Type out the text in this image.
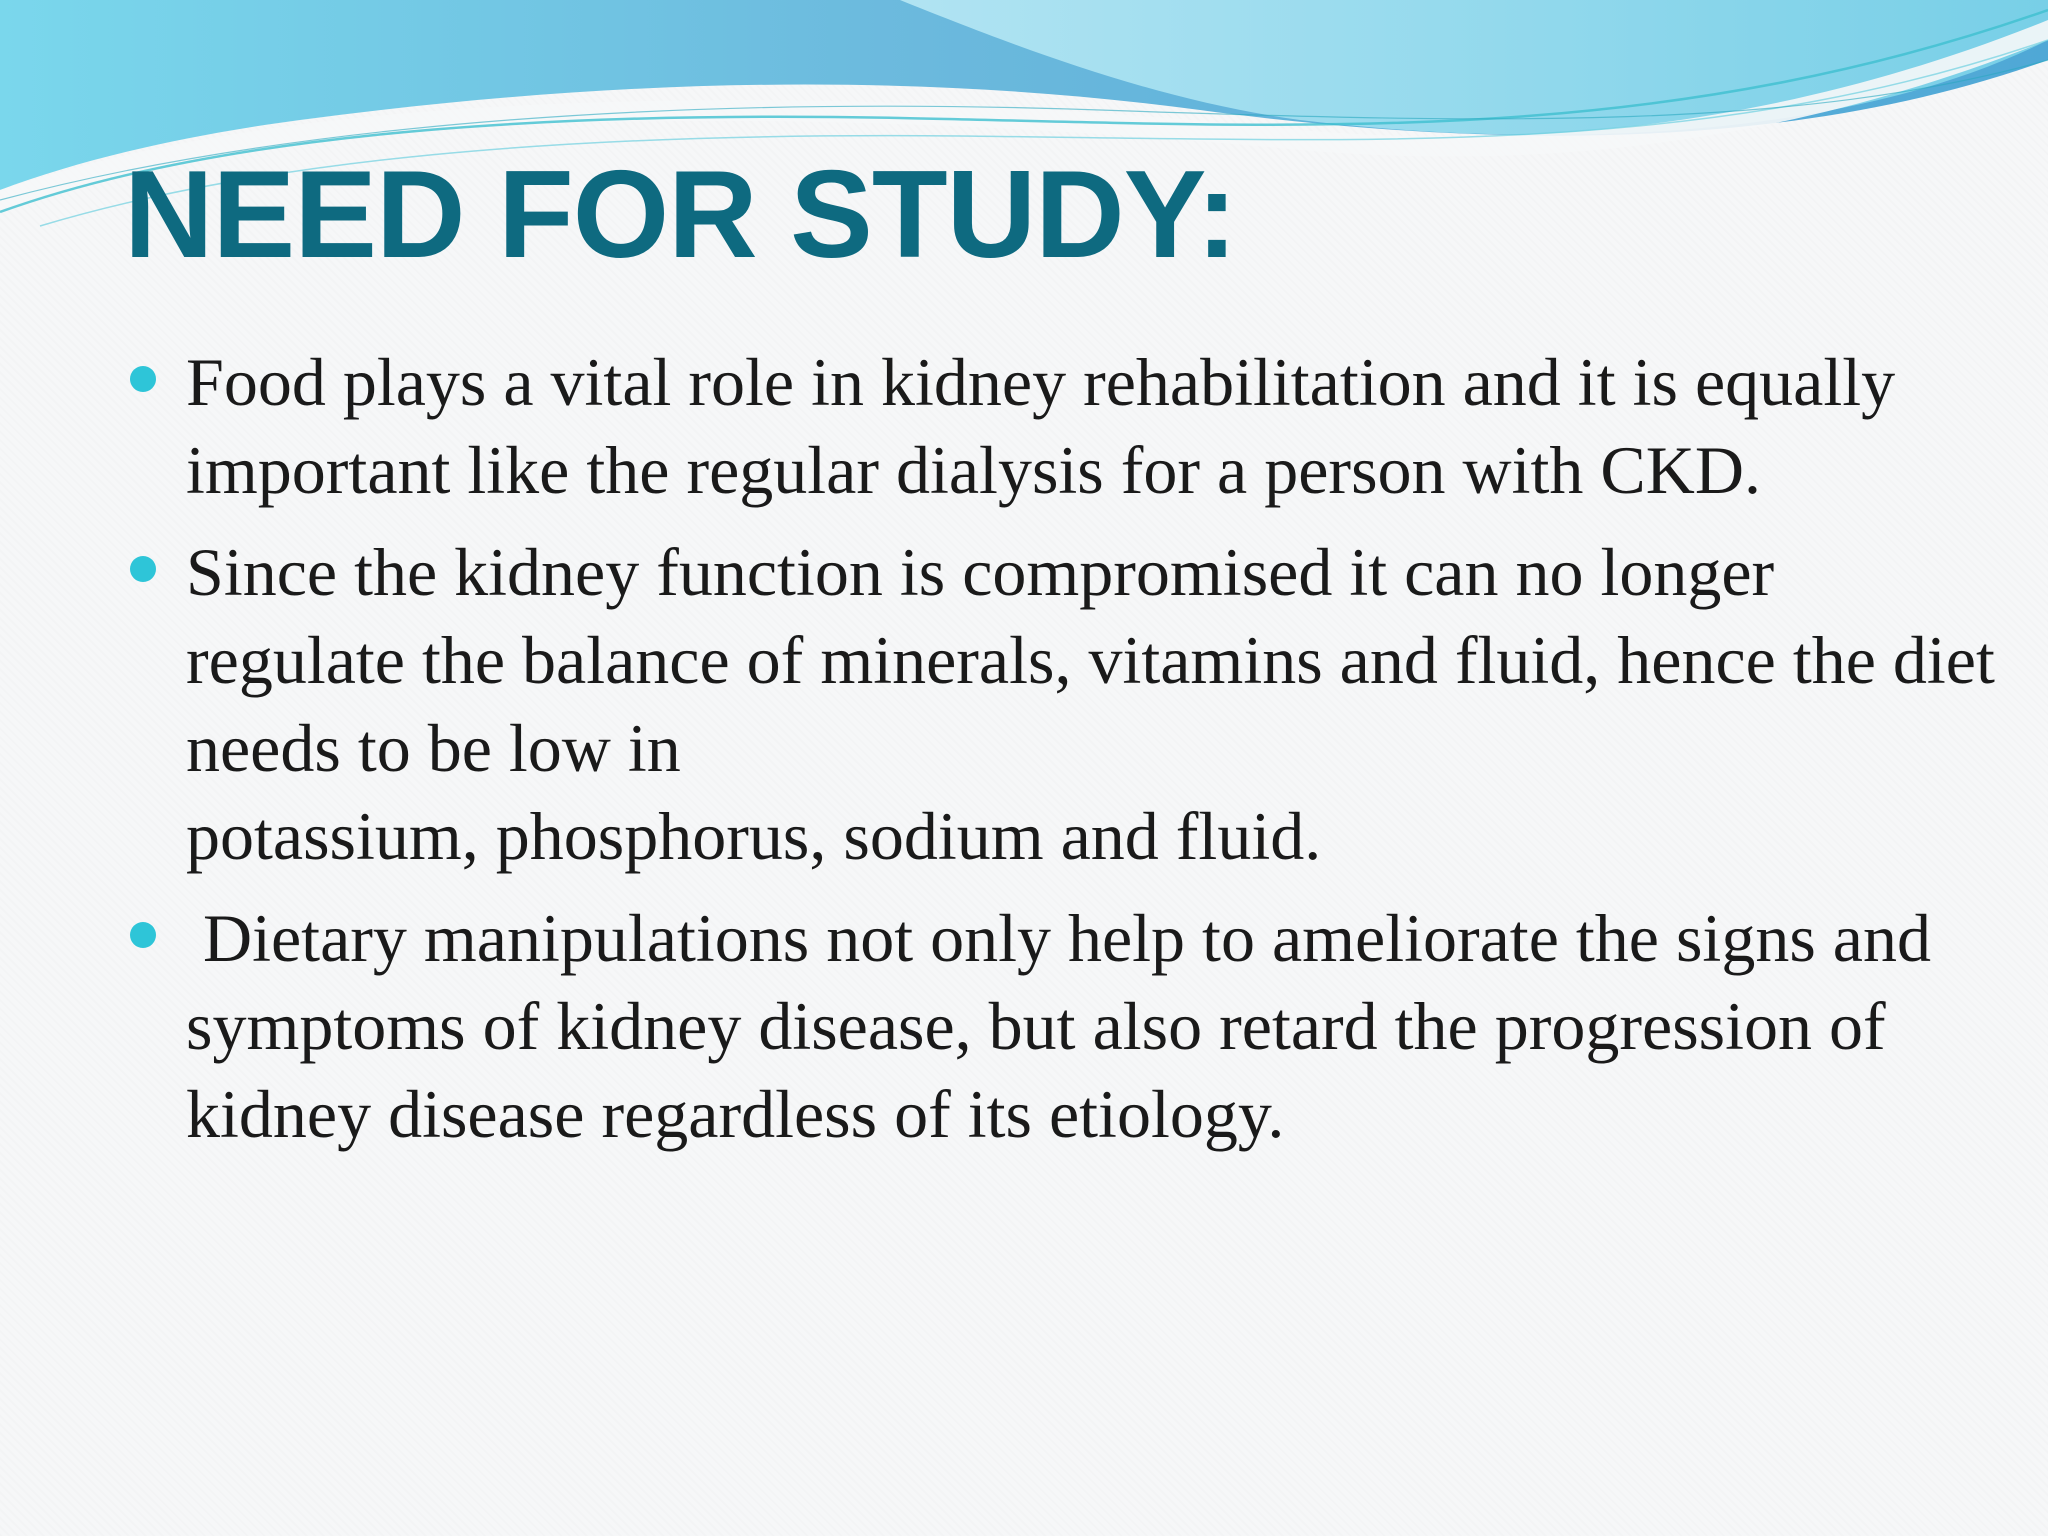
NEED FOR STUDY:
Food plays a vital role in kidney rehabilitation and it is equally important like the regular dialysis for a person with CKD.
Since the kidney function is compromised it can no longer regulate the balance of minerals, vitamins and fluid, hence the diet needs to be low in
potassium, phosphorus, sodium and fluid.
Dietary manipulations not only help to ameliorate the signs and symptoms of kidney disease, but also retard the progression of kidney disease regardless of its etiology.
